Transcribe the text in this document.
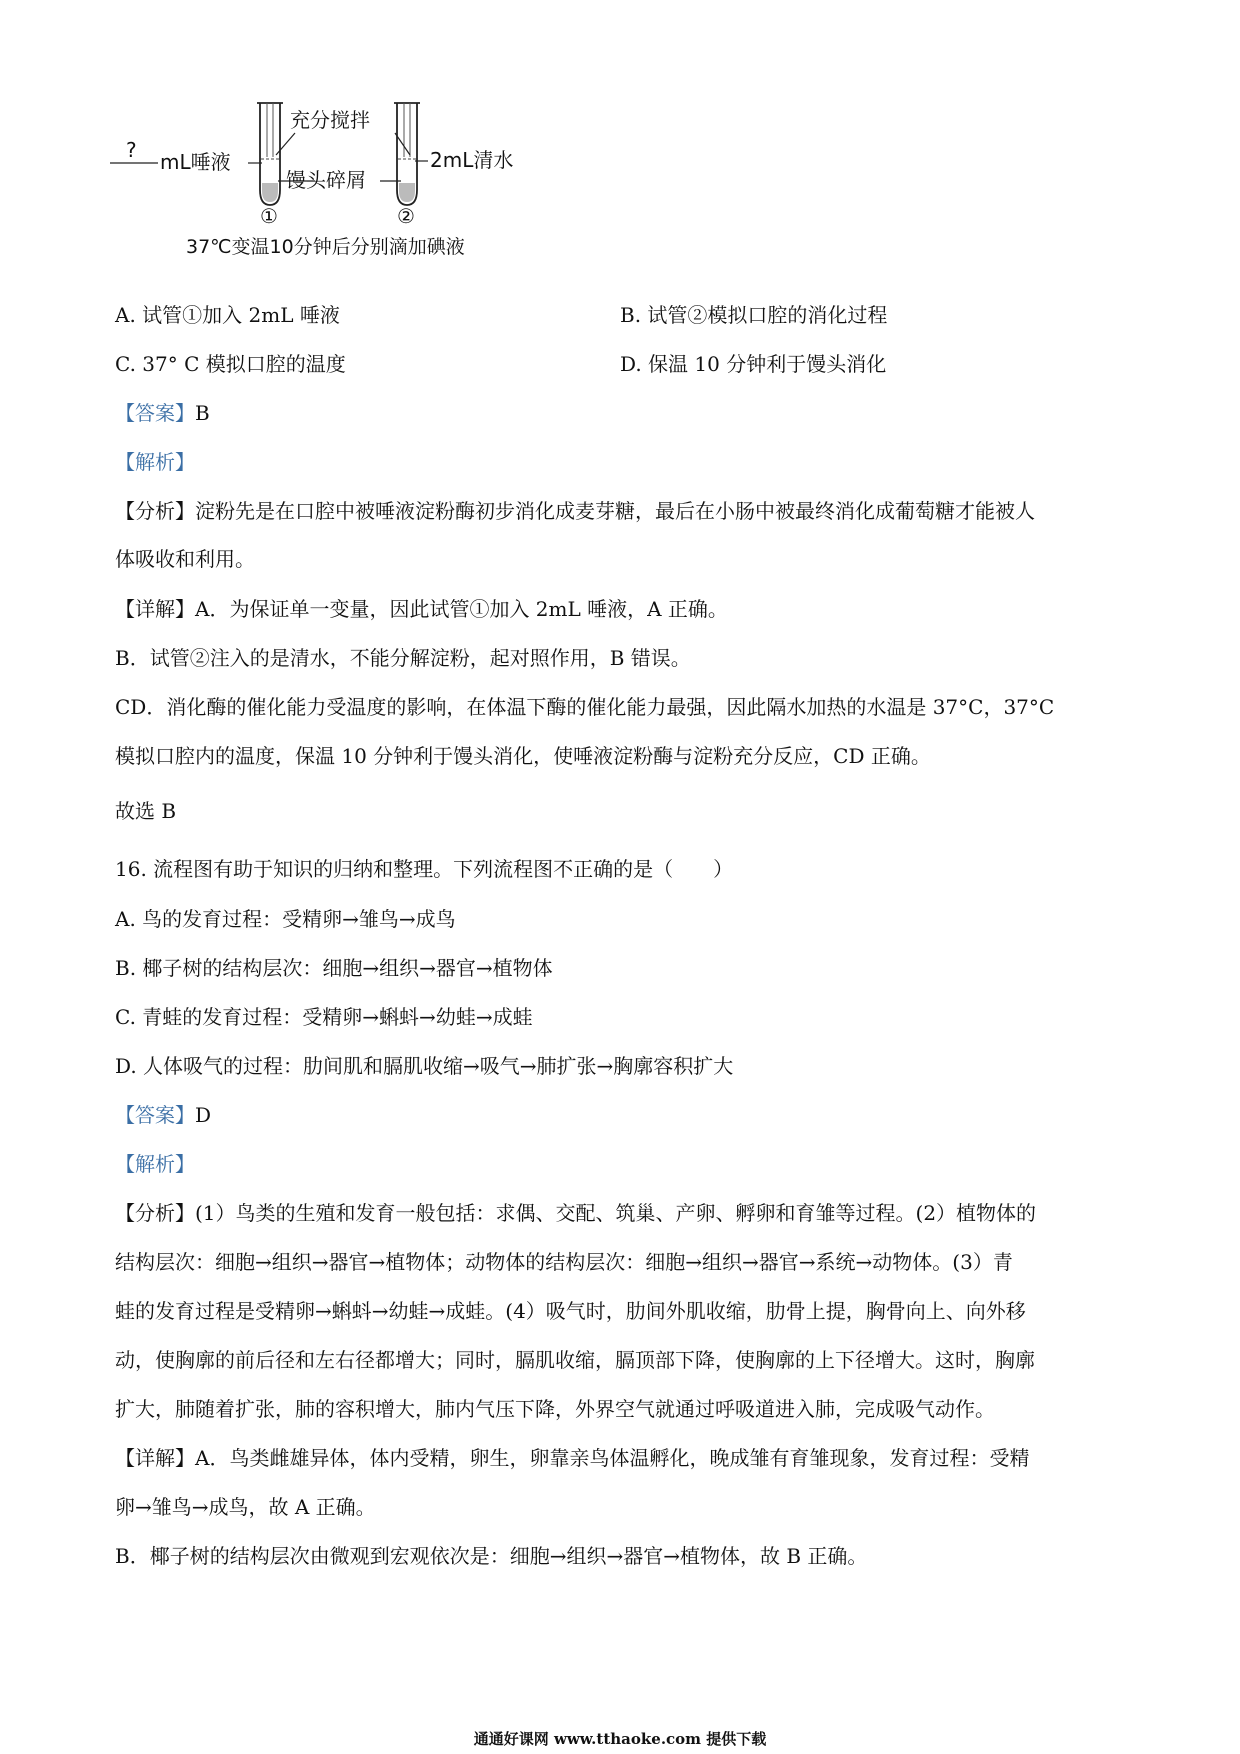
? mL唾液
充分搅拌
馒头碎屑
2mL清水
①	②
37℃变温10分钟后分别滴加碘液
A. 试管①加入 2mL 唾液	B. 试管②模拟口腔的消化过程
C. 37° C 模拟口腔的温度	D. 保温 10 分钟利于馒头消化
【答案】B
【解析】
【分析】淀粉先是在口腔中被唾液淀粉酶初步消化成麦芽糖，最后在小肠中被最终消化成葡萄糖才能被人
体吸收和利用。
【详解】A．为保证单一变量，因此试管①加入 2mL 唾液，A 正确。
B．试管②注入的是清水，不能分解淀粉，起对照作用，B 错误。
CD．消化酶的催化能力受温度的影响，在体温下酶的催化能力最强，因此隔水加热的水温是 37°C，37°C
模拟口腔内的温度，保温 10 分钟利于馒头消化，使唾液淀粉酶与淀粉充分反应，CD 正确。
故选 B
16. 流程图有助于知识的归纳和整理。下列流程图不正确的是（　　）
A. 鸟的发育过程：受精卵→雏鸟→成鸟
B. 椰子树的结构层次：细胞→组织→器官→植物体
C. 青蛙的发育过程：受精卵→蝌蚪→幼蛙→成蛙
D. 人体吸气的过程：肋间肌和膈肌收缩→吸气→肺扩张→胸廓容积扩大
【答案】D
【解析】
【分析】(1）鸟类的生殖和发育一般包括：求偶、交配、筑巢、产卵、孵卵和育雏等过程。(2）植物体的
结构层次：细胞→组织→器官→植物体；动物体的结构层次：细胞→组织→器官→系统→动物体。(3）青
蛙的发育过程是受精卵→蝌蚪→幼蛙→成蛙。(4）吸气时，肋间外肌收缩，肋骨上提，胸骨向上、向外移
动，使胸廓的前后径和左右径都增大；同时，膈肌收缩，膈顶部下降，使胸廓的上下径增大。这时，胸廓
扩大，肺随着扩张，肺的容积增大，肺内气压下降，外界空气就通过呼吸道进入肺，完成吸气动作。
【详解】A．鸟类雌雄异体，体内受精，卵生，卵靠亲鸟体温孵化，晚成雏有育雏现象，发育过程：受精
卵→雏鸟→成鸟，故 A 正确。
B．椰子树的结构层次由微观到宏观依次是：细胞→组织→器官→植物体，故 B 正确。
通通好课网 www.tthaoke.com 提供下载
